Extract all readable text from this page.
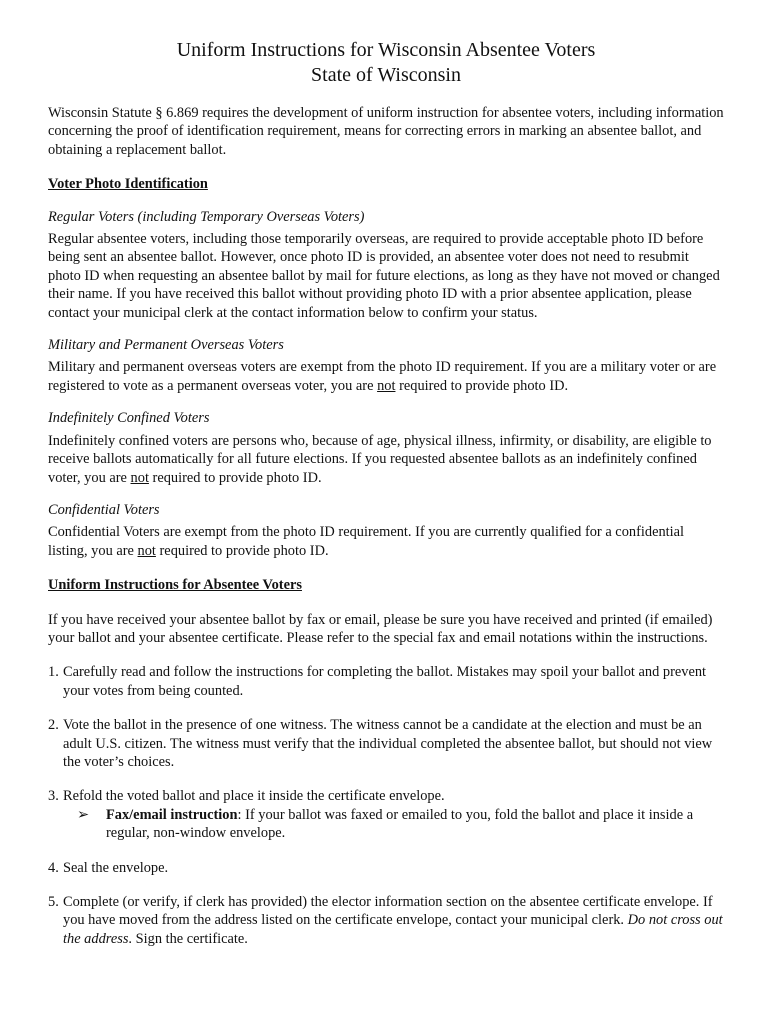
Uniform Instructions for Wisconsin Absentee Voters
State of Wisconsin

Wisconsin Statute § 6.869 requires the development of uniform instruction for absentee voters, including information concerning the proof of identification requirement, means for correcting errors in marking an absentee ballot, and obtaining a replacement ballot.

Voter Photo Identification

Regular Voters (including Temporary Overseas Voters)

Regular absentee voters, including those temporarily overseas, are required to provide acceptable photo ID before being sent an absentee ballot. However, once photo ID is provided, an absentee voter does not need to resubmit photo ID when requesting an absentee ballot by mail for future elections, as long as they have not moved or changed their name. If you have received this ballot without providing photo ID with a prior absentee application, please contact your municipal clerk at the contact information below to confirm your status.

Military and Permanent Overseas Voters

Military and permanent overseas voters are exempt from the photo ID requirement. If you are a military voter or are registered to vote as a permanent overseas voter, you are not required to provide photo ID.

Indefinitely Confined Voters

Indefinitely confined voters are persons who, because of age, physical illness, infirmity, or disability, are eligible to receive ballots automatically for all future elections. If you requested absentee ballots as an indefinitely confined voter, you are not required to provide photo ID.

Confidential Voters

Confidential Voters are exempt from the photo ID requirement. If you are currently qualified for a confidential listing, you are not required to provide photo ID.

Uniform Instructions for Absentee Voters

If you have received your absentee ballot by fax or email, please be sure you have received and printed (if emailed) your ballot and your absentee certificate. Please refer to the special fax and email notations within the instructions.

1. Carefully read and follow the instructions for completing the ballot. Mistakes may spoil your ballot and prevent your votes from being counted.
2. Vote the ballot in the presence of one witness. The witness cannot be a candidate at the election and must be an adult U.S. citizen. The witness must verify that the individual completed the absentee ballot, but should not view the voter’s choices.
3. Refold the voted ballot and place it inside the certificate envelope.
➢ Fax/email instruction: If your ballot was faxed or emailed to you, fold the ballot and place it inside a regular, non-window envelope.
4. Seal the envelope.
5. Complete (or verify, if clerk has provided) the elector information section on the absentee certificate envelope. If you have moved from the address listed on the certificate envelope, contact your municipal clerk. Do not cross out the address. Sign the certificate.
